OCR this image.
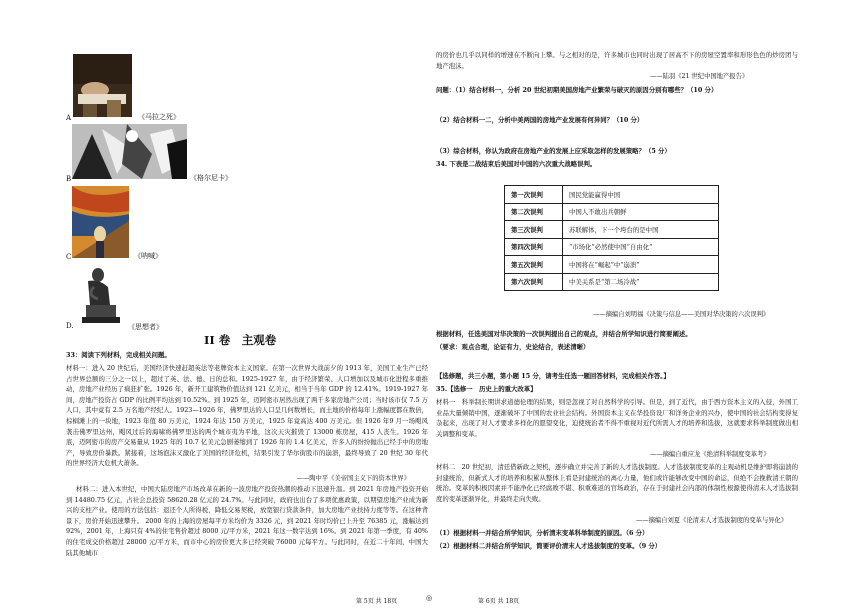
A	《马拉之死》
B	《格尔尼卡》
C	《呐喊》
D.	《思想者》
II 卷　主观卷
33：阅读下列材料，完成相关问题。
材料一：进入 20 世纪后，美国经济快速赶超英法等老牌资本主义国家。在第一次世界大战前夕的 1913 年，美国工业生产已经占世界总额的三分之一以上，超过了英、法、德、日的总和。1925-1927 年，由于经济繁荣、人口增加以及城市化进程多重推动，房地产业经历了疯狂扩张。1926 年，新开工建筑物价值达到 121 亿美元，相当于当年 GDP 的 12.41%。1919-1927 年间，房地产投资占 GDP 的比例平均达到 10.52%。到 1925 年，迈阿密市居然出现了两千多家房地产公司；当时该市仅 7.5 万人口，其中竟有 2.5 万名地产经纪人。1923—1926 年，佛罗里达的人口呈几何数增长，而土地的价格每年上涨幅度都在数倍，棕榈滩上的一块地，1923 年值 80 万美元，1924 年达 150 万美元，1925 年竟高达 400 万美元。但 1926 年9 月一场飓风袭击佛罗里达州，飓风过后的海啸将佛罗里达的两个城市夷为平地，这次天灾摧毁了 13000 栋房屋，415 人丧生。1926 年底，迈阿密市的房产交易量从 1925 年的 10.7 亿美元急剧萎缩到了 1926 年的 1.4 亿美元，许多人的纷纷抛出已经手中的房地产，导致房价暴跌。紧接着，这场泡沫又激化了美国的经济危机，结果引发了华尔街股市的崩溃，最终导致了 20 世纪 30 年代的世界经济大危机大萧条。
——陶中平《美帝国主义下的资本世界》
材料二：进入本世纪，中国大陆房地产市场改革在新的一波房地产投资热潮的推动下迅速升温。到 2021 年房地产投资开始到 14480.75 亿元，占社会总投资 58620.28 亿元的 24.7%。与此同时，政府也出台了多项优惠政策，以期望房地产业成为新兴的支柱产业。使用的方法包括：退还个人所得税，降低交易契税，放宽银行贷款条件，加大房地产业扶持力度等等。在这种背景下，房价开始迅速攀升。 2000 年的上海的房屋每平方米均价为 3326 元，到 2021 年时均价已上升至 76385 元，涨幅达到 92%，2001 年，上海只有 4%的住宅售价超过 8000 元/平方米，2021 年这一数字达到 16%。到 2021 年第一季度，有 40%的住宅成交价格超过 28000 元/平方米，而市中心的房价更大多已经突破 76000 元每平方。与此同时，在近二十年间，中国大陆其他城市
的房价也几乎以同样的增速在不断向上攀。与之相对的是，许多城市也同时出现了居高不下的房屋空置率和形形色色的炒房团与地产泡沫。
——陆羽《21 世纪中国地产报告》
问题：（1）结合材料一，分析 20 世纪初期美国房地产业繁荣与破灭的原因分别有哪些？（10 分）
（2）结合材料一二，分析中美两国的房地产业发展有何异同？（10 分）
（3）综合材料，你认为政府在房地产业的发展上应采取怎样的发展策略？（5 分）
34. 下表是二战结束后美国对中国的六次重大战略误判。
第一次误判	国民党能赢得中国
第二次误判	中国人不敢出兵朝鲜
第三次误判	苏联解体，下一个垮台的是中国
第四次误判	“市场化”必然使中国“自由化”
第五次误判	中国将在“崛起”中“崩溃”
第六次误判	中美关系是“第二场冷战”
——摘编自刘明福《决策与信息——美国对华决策的六次误判》
根据材料，任选美国对华决策的一次误判提出自己的观点，并结合所学知识进行简要阐述。
（要求：观点合理，论证有力，史论结合，表述清晰）
【选修题，共三小题，第小题 15 分，请考生任选一题回答材料，完成相关作答。】
35.【选修一　历史上的重大改革】
材料一　科举制长期讲求道德伦理的结果，则是忽视了对自然科学的引导。但是，到了近代，由于西方资本主义的入侵，外国工业品大量倾销中国，逐渐破坏了中国的农业社会结构。外国资本主义在华投资设厂和洋务企业的兴办，使中国的社会结构变得复杂起来，出现了对人才要求多样化的愿望变化，迫使统治者不得不重视对近代所需人才的培养和选拔，这就要求科举制度做出相关调整和变革。
——摘编自重应龙《绝清科举制度变革考》
材料二　20 世纪初，清廷借新政之契机，逐步确立并完善了新的人才选拔制度。人才选拔制度变革的主观动机是维护即将崩溃的封建统治，但新式人才的培养和积累从整体上看是封建统治的离心力量，他们或许能够改变中国的命运，但绝不会挽救清王朝的统治。变革的积极因素并不能净化已经腐败不堪、积重难返的官场政治，存在于封建社会内部的体制性根源使得清末人才选拔制度的变革逐渐异化，并最终走向失败。
——摘编自刘夏《论清末人才选拔制度的变革与异化》
（1）根据材料一并结合所学知识，分析清末变革科举制度的原因。（6 分）
（2）根据材料二并结合所学知识，简要评价清末人才选拔制度的变革。（9 分）
第 5页 共 18页	◎	第 6页 共 18页
